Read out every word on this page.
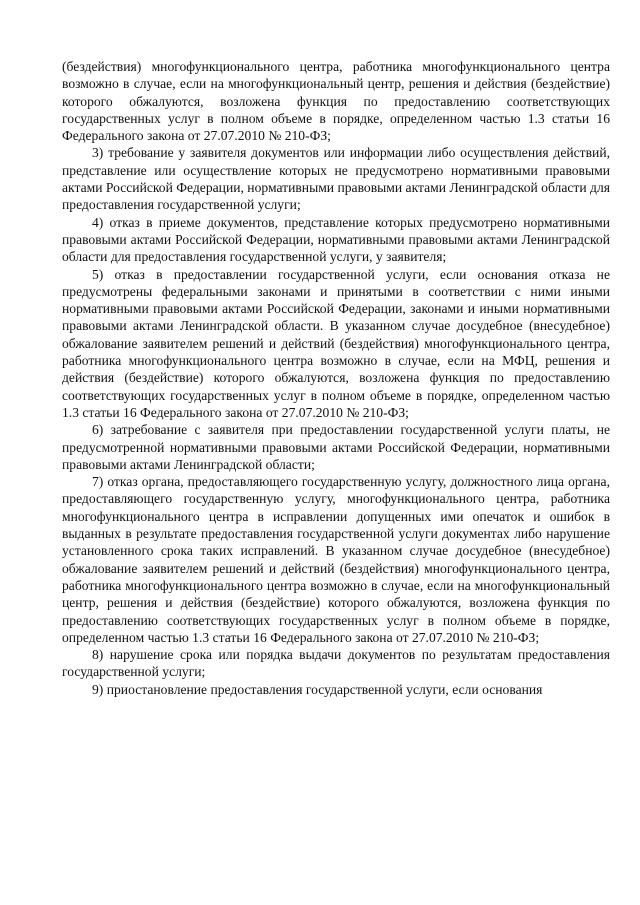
(бездействия) многофункционального центра, работника многофункционального центра возможно в случае, если на многофункциональный центр, решения и действия (бездействие) которого обжалуются, возложена функция по предоставлению соответствующих государственных услуг в полном объеме в порядке, определенном частью 1.3 статьи 16 Федерального закона от 27.07.2010 № 210-ФЗ;

3) требование у заявителя документов или информации либо осуществления действий, представление или осуществление которых не предусмотрено нормативными правовыми актами Российской Федерации, нормативными правовыми актами Ленинградской области для предоставления государственной услуги;

4) отказ в приеме документов, представление которых предусмотрено нормативными правовыми актами Российской Федерации, нормативными правовыми актами Ленинградской области для предоставления государственной услуги, у заявителя;

5) отказ в предоставлении государственной услуги, если основания отказа не предусмотрены федеральными законами и принятыми в соответствии с ними иными нормативными правовыми актами Российской Федерации, законами и иными нормативными правовыми актами Ленинградской области. В указанном случае досудебное (внесудебное) обжалование заявителем решений и действий (бездействия) многофункционального центра, работника многофункционального центра возможно в случае, если на МФЦ, решения и действия (бездействие) которого обжалуются, возложена функция по предоставлению соответствующих государственных услуг в полном объеме в порядке, определенном частью 1.3 статьи 16 Федерального закона от 27.07.2010 № 210-ФЗ;

6) затребование с заявителя при предоставлении государственной услуги платы, не предусмотренной нормативными правовыми актами Российской Федерации, нормативными правовыми актами Ленинградской области;

7) отказ органа, предоставляющего государственную услугу, должностного лица органа, предоставляющего государственную услугу, многофункционального центра, работника многофункционального центра в исправлении допущенных ими опечаток и ошибок в выданных в результате предоставления государственной услуги документах либо нарушение установленного срока таких исправлений. В указанном случае досудебное (внесудебное) обжалование заявителем решений и действий (бездействия) многофункционального центра, работника многофункционального центра возможно в случае, если на многофункциональный центр, решения и действия (бездействие) которого обжалуются, возложена функция по предоставлению соответствующих государственных услуг в полном объеме в порядке, определенном частью 1.3 статьи 16 Федерального закона от 27.07.2010 № 210-ФЗ;

8) нарушение срока или порядка выдачи документов по результатам предоставления государственной услуги;

9) приостановление предоставления государственной услуги, если основания
